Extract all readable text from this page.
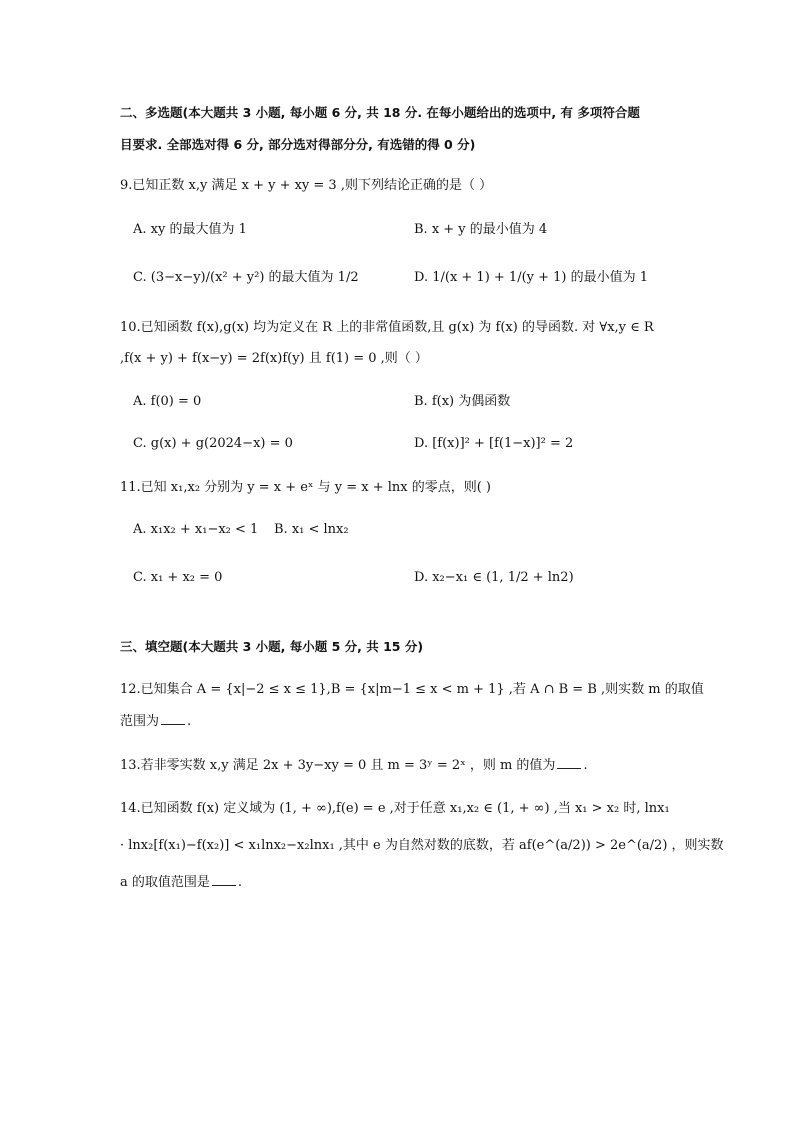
二、多选题(本大题共 3 小题, 每小题 6 分, 共 18 分. 在每小题给出的选项中, 有 多项符合题
目要求. 全部选对得 6 分, 部分选对得部分分, 有选错的得 0 分)
9.已知正数 x,y 满足 x + y + xy = 3 ,则下列结论正确的是（ ）
A. xy 的最大值为 1	B. x + y 的最小值为 4
C. (3−x−y)/(x² + y²) 的最大值为 1/2	D. 1/(x + 1) + 1/(y + 1) 的最小值为 1
10.已知函数 f(x),g(x) 均为定义在 R 上的非常值函数,且 g(x) 为 f(x) 的导函数. 对 ∀x,y ∈ R
,f(x + y) + f(x−y) = 2f(x)f(y) 且 f(1) = 0 ,则（ ）
A. f(0) = 0	B. f(x) 为偶函数
C. g(x) + g(2024−x) = 0	D. [f(x)]² + [f(1−x)]² = 2
11.已知 x₁,x₂ 分别为 y = x + eˣ 与 y = x + lnx 的零点，则( )
A. x₁x₂ + x₁−x₂ < 1 B. x₁ < lnx₂
C. x₁ + x₂ = 0	D. x₂−x₁ ∈ (1, 1/2 + ln2)
三、填空题(本大题共 3 小题, 每小题 5 分, 共 15 分)
12.已知集合 A = {x|−2 ≤ x ≤ 1},B = {x|m−1 ≤ x < m + 1} ,若 A ∩ B = B ,则实数 m 的取值
范围为 .
13.若非零实数 x,y 满足 2x + 3y−xy = 0 且 m = 3ʸ = 2ˣ ，则 m 的值为 .
14.已知函数 f(x) 定义域为 (1, + ∞),f(e) = e ,对于任意 x₁,x₂ ∈ (1, + ∞) ,当 x₁ > x₂ 时, lnx₁
· lnx₂[f(x₁)−f(x₂)] < x₁lnx₂−x₂lnx₁ ,其中 e 为自然对数的底数，若 af(e^(a/2)) > 2e^(a/2) ，则实数
a 的取值范围是 .
